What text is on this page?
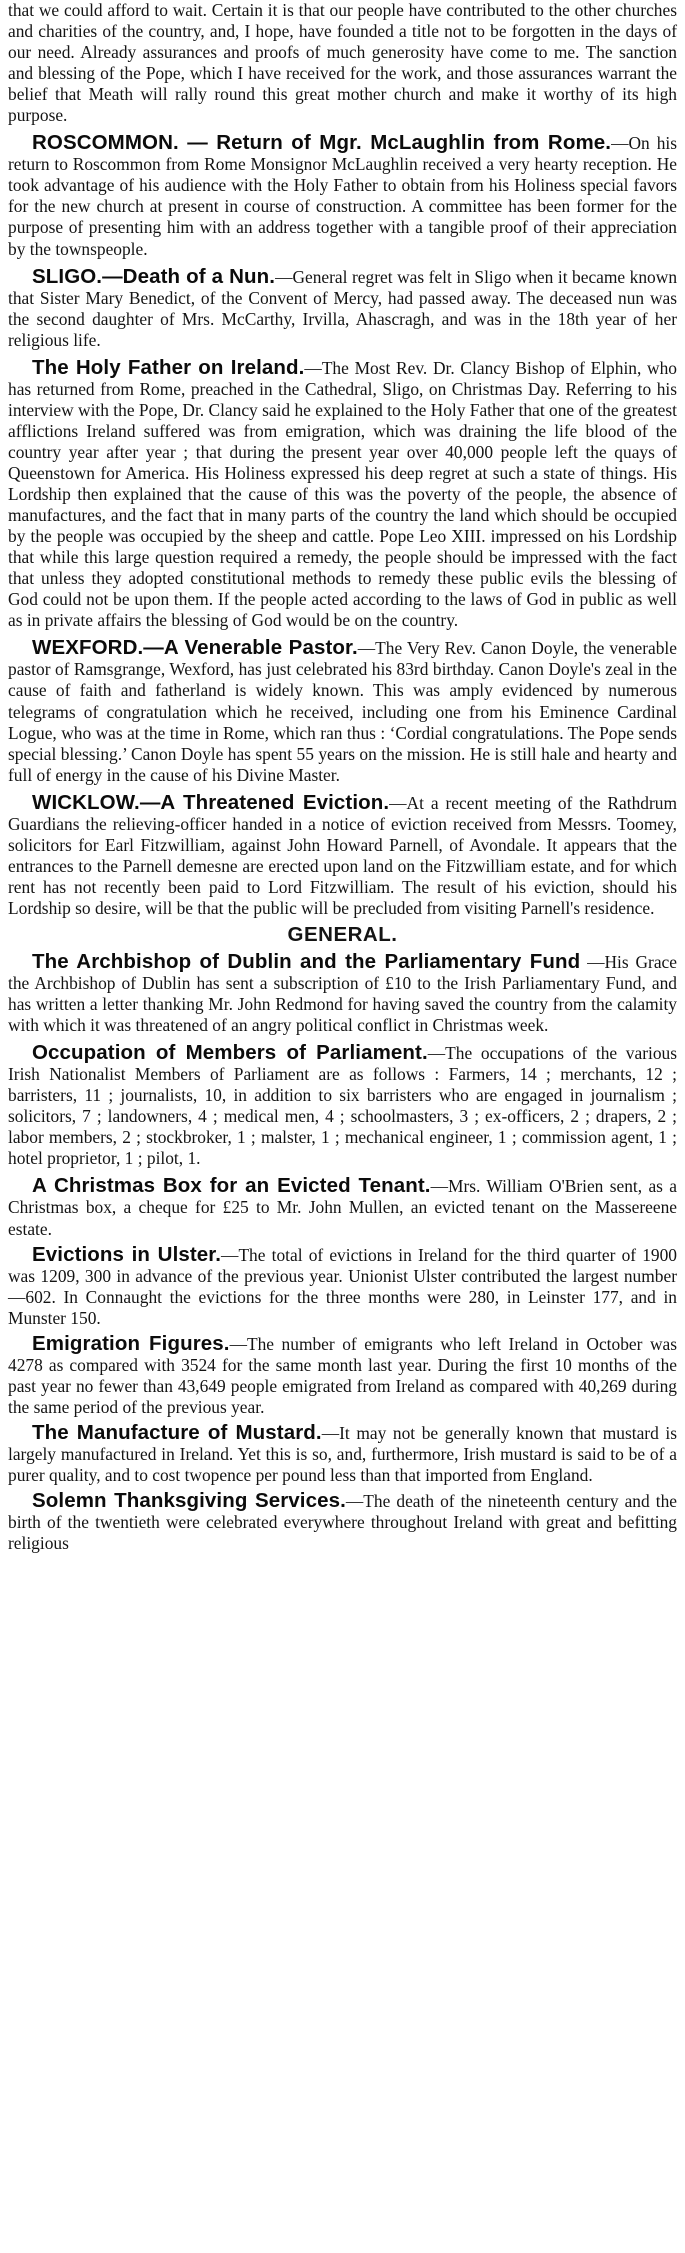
that we could afford to wait. Certain it is that our people have contributed to the other churches and charities of the country, and, I hope, have founded a title not to be forgotten in the days of our need. Already assurances and proofs of much generosity have come to me. The sanction and blessing of the Pope, which I have received for the work, and those assurances warrant the belief that Meath will rally round this great mother church and make it worthy of its high purpose.

ROSCOMMON. — Return of Mgr. McLaughlin from Rome.—On his return to Roscommon from Rome Monsignor McLaughlin received a very hearty reception. He took advantage of his audience with the Holy Father to obtain from his Holiness special favors for the new church at present in course of construction. A committee has been former for the purpose of presenting him with an address together with a tangible proof of their appreciation by the townspeople.

SLIGO.—Death of a Nun.—General regret was felt in Sligo when it became known that Sister Mary Benedict, of the Convent of Mercy, had passed away. The deceased nun was the second daughter of Mrs. McCarthy, Irvilla, Ahascragh, and was in the 18th year of her religious life.

The Holy Father on Ireland.—The Most Rev. Dr. Clancy Bishop of Elphin, who has returned from Rome, preached in the Cathedral, Sligo, on Christmas Day. Referring to his interview with the Pope, Dr. Clancy said he explained to the Holy Father that one of the greatest afflictions Ireland suffered was from emigration, which was draining the life blood of the country year after year ; that during the present year over 40,000 people left the quays of Queenstown for America. His Holiness expressed his deep regret at such a state of things. His Lordship then explained that the cause of this was the poverty of the people, the absence of manufactures, and the fact that in many parts of the country the land which should be occupied by the people was occupied by the sheep and cattle. Pope Leo XIII. impressed on his Lordship that while this large question required a remedy, the people should be impressed with the fact that unless they adopted constitutional methods to remedy these public evils the blessing of God could not be upon them. If the people acted according to the laws of God in public as well as in private affairs the blessing of God would be on the country.

WEXFORD.—A Venerable Pastor.—The Very Rev. Canon Doyle, the venerable pastor of Ramsgrange, Wexford, has just celebrated his 83rd birthday. Canon Doyle's zeal in the cause of faith and fatherland is widely known. This was amply evidenced by numerous telegrams of congratulation which he received, including one from his Eminence Cardinal Logue, who was at the time in Rome, which ran thus : ‘Cordial congratulations. The Pope sends special blessing.’ Canon Doyle has spent 55 years on the mission. He is still hale and hearty and full of energy in the cause of his Divine Master.

WICKLOW.—A Threatened Eviction.—At a recent meeting of the Rathdrum Guardians the relieving-officer handed in a notice of eviction received from Messrs. Toomey, solicitors for Earl Fitzwilliam, against John Howard Parnell, of Avondale. It appears that the entrances to the Parnell demesne are erected upon land on the Fitzwilliam estate, and for which rent has not recently been paid to Lord Fitzwilliam. The result of his eviction, should his Lordship so desire, will be that the public will be precluded from visiting Parnell's residence.

GENERAL.

The Archbishop of Dublin and the Parliamentary Fund —His Grace the Archbishop of Dublin has sent a subscription of £10 to the Irish Parliamentary Fund, and has written a letter thanking Mr. John Redmond for having saved the country from the calamity with which it was threatened of an angry political conflict in Christmas week.

Occupation of Members of Parliament.—The occupations of the various Irish Nationalist Members of Parliament are as follows : Farmers, 14 ; merchants, 12 ; barristers, 11 ; journalists, 10, in addition to six barristers who are engaged in journalism ; solicitors, 7 ; landowners, 4 ; medical men, 4 ; schoolmasters, 3 ; ex-officers, 2 ; drapers, 2 ; labor members, 2 ; stockbroker, 1 ; malster, 1 ; mechanical engineer, 1 ; commission agent, 1 ; hotel proprietor, 1 ; pilot, 1.

A Christmas Box for an Evicted Tenant.—Mrs. William O'Brien sent, as a Christmas box, a cheque for £25 to Mr. John Mullen, an evicted tenant on the Massereene estate.

Evictions in Ulster.—The total of evictions in Ireland for the third quarter of 1900 was 1209, 300 in advance of the previous year. Unionist Ulster contributed the largest number—602. In Connaught the evictions for the three months were 280, in Leinster 177, and in Munster 150.

Emigration Figures.—The number of emigrants who left Ireland in October was 4278 as compared with 3524 for the same month last year. During the first 10 months of the past year no fewer than 43,649 people emigrated from Ireland as compared with 40,269 during the same period of the previous year.

The Manufacture of Mustard.—It may not be generally known that mustard is largely manufactured in Ireland. Yet this is so, and, furthermore, Irish mustard is said to be of a purer quality, and to cost twopence per pound less than that imported from England.

Solemn Thanksgiving Services.—The death of the nineteenth century and the birth of the twentieth were celebrated everywhere throughout Ireland with great and befitting religious
